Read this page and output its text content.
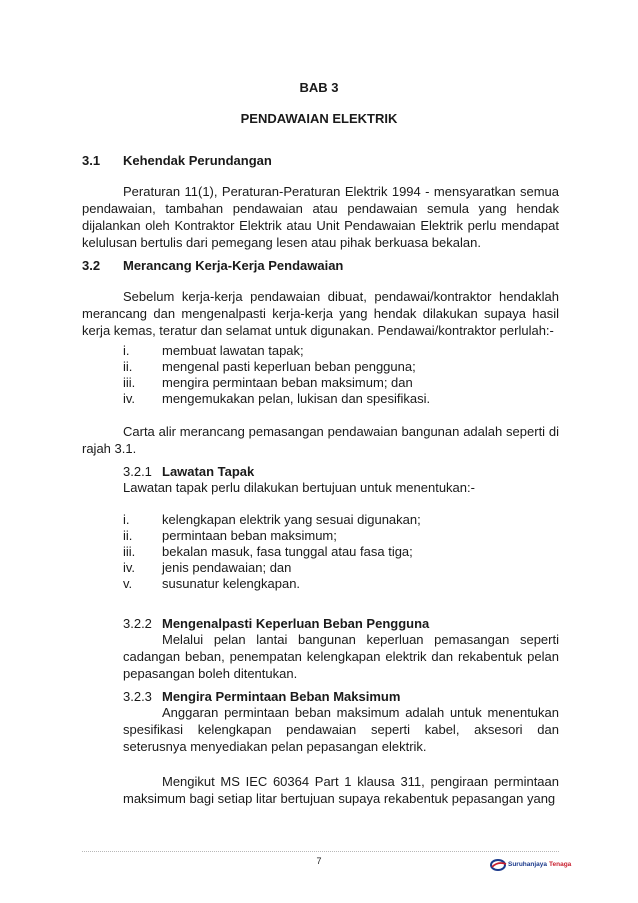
BAB 3
PENDAWAIAN ELEKTRIK
3.1 Kehendak Perundangan
Peraturan 11(1), Peraturan-Peraturan Elektrik 1994 - mensyaratkan semua pendawaian, tambahan pendawaian atau pendawaian semula yang hendak dijalankan oleh Kontraktor Elektrik atau Unit Pendawaian Elektrik perlu mendapat kelulusan bertulis dari pemegang lesen atau pihak berkuasa bekalan.
3.2 Merancang Kerja-Kerja Pendawaian
Sebelum kerja-kerja pendawaian dibuat, pendawai/kontraktor hendaklah merancang dan mengenalpasti kerja-kerja yang hendak dilakukan supaya hasil kerja kemas, teratur dan selamat untuk digunakan. Pendawai/kontraktor perlulah:-
i.	membuat lawatan tapak;
ii. mengenal pasti keperluan beban pengguna;
iii. mengira permintaan beban maksimum; dan
iv. mengemukakan pelan, lukisan dan spesifikasi.
Carta alir merancang pemasangan pendawaian bangunan adalah seperti di rajah 3.1.
3.2.1 Lawatan Tapak
Lawatan tapak perlu dilakukan bertujuan untuk menentukan:-
i.	kelengkapan elektrik yang sesuai digunakan;
ii. permintaan beban maksimum;
iii. bekalan masuk, fasa tunggal atau fasa tiga;
iv. jenis pendawaian; dan
v. susunatur kelengkapan.
3.2.2 Mengenalpasti Keperluan Beban Pengguna
Melalui pelan lantai bangunan keperluan pemasangan seperti cadangan beban, penempatan kelengkapan elektrik dan rekabentuk pelan pepasangan boleh ditentukan.
3.2.3 Mengira Permintaan Beban Maksimum
Anggaran permintaan beban maksimum adalah untuk menentukan spesifikasi kelengkapan pendawaian seperti kabel, aksesori dan seterusnya menyediakan pelan pepasangan elektrik.
Mengikut MS IEC 60364 Part 1 klausa 311, pengiraan permintaan maksimum bagi setiap litar bertujuan supaya rekabentuk pepasangan yang
7	Suruhanjaya Tenaga
